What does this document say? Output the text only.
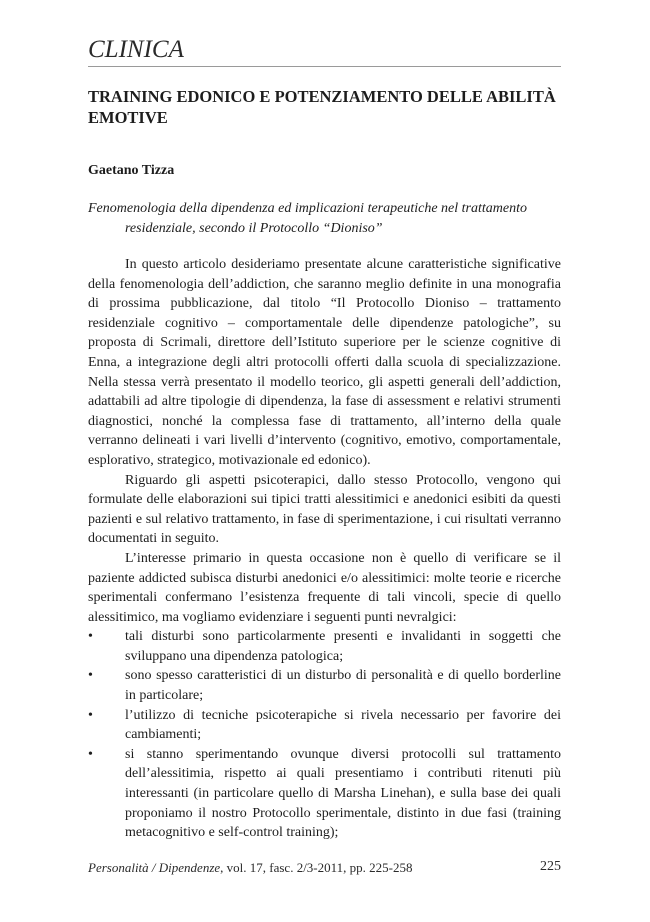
CLINICA
TRAINING EDONICO E POTENZIAMENTO DELLE ABILITÀ EMOTIVE
Gaetano Tizza

Fenomenologia della dipendenza ed implicazioni terapeutiche nel trattamento residenziale, secondo il Protocollo “Dioniso”

In questo articolo desideriamo presentate alcune caratteristiche significative della fenomenologia dell’addiction, che saranno meglio definite in una monografia di prossima pubblicazione, dal titolo “Il Protocollo Dioniso – trattamento residenziale cognitivo – comportamentale delle dipendenze patologiche”, su proposta di Scrimali, direttore dell’Istituto superiore per le scienze cognitive di Enna, a integrazione degli altri protocolli offerti dalla scuola di specializzazione. Nella stessa verrà presentato il modello teorico, gli aspetti generali dell’addiction, adattabili ad altre tipologie di dipendenza, la fase di assessment e relativi strumenti diagnostici, nonché la complessa fase di trattamento, all’interno della quale verranno delineati i vari livelli d’intervento (cognitivo, emotivo, comportamentale, esplorativo, strategico, motivazionale ed edonico).

Riguardo gli aspetti psicoterapici, dallo stesso Protocollo, vengono qui formulate delle elaborazioni sui tipici tratti alessitimici e anedonici esibiti da questi pazienti e sul relativo trattamento, in fase di sperimentazione, i cui risultati verranno documentati in seguito.

L’interesse primario in questa occasione non è quello di verificare se il paziente addicted subisca disturbi anedonici e/o alessitimici: molte teorie e ricerche sperimentali confermano l’esistenza frequente di tali vincoli, specie di quello alessitimico, ma vogliamo evidenziare i seguenti punti nevralgici:

•	tali disturbi sono particolarmente presenti e invalidanti in soggetti che sviluppano una dipendenza patologica;
•	sono spesso caratteristici di un disturbo di personalità e di quello borderline in particolare;
•	l’utilizzo di tecniche psicoterapiche si rivela necessario per favorire dei cambiamenti;
•	si stanno sperimentando ovunque diversi protocolli sul trattamento dell’alessitimia, rispetto ai quali presentiamo i contributi ritenuti più interessanti (in particolare quello di Marsha Linehan), e sulla base dei quali proponiamo il nostro Protocollo sperimentale, distinto in due fasi (training metacognitivo e self-control training);
Personalità / Dipendenze, vol. 17, fasc. 2/3-2011, pp. 225-258	225
